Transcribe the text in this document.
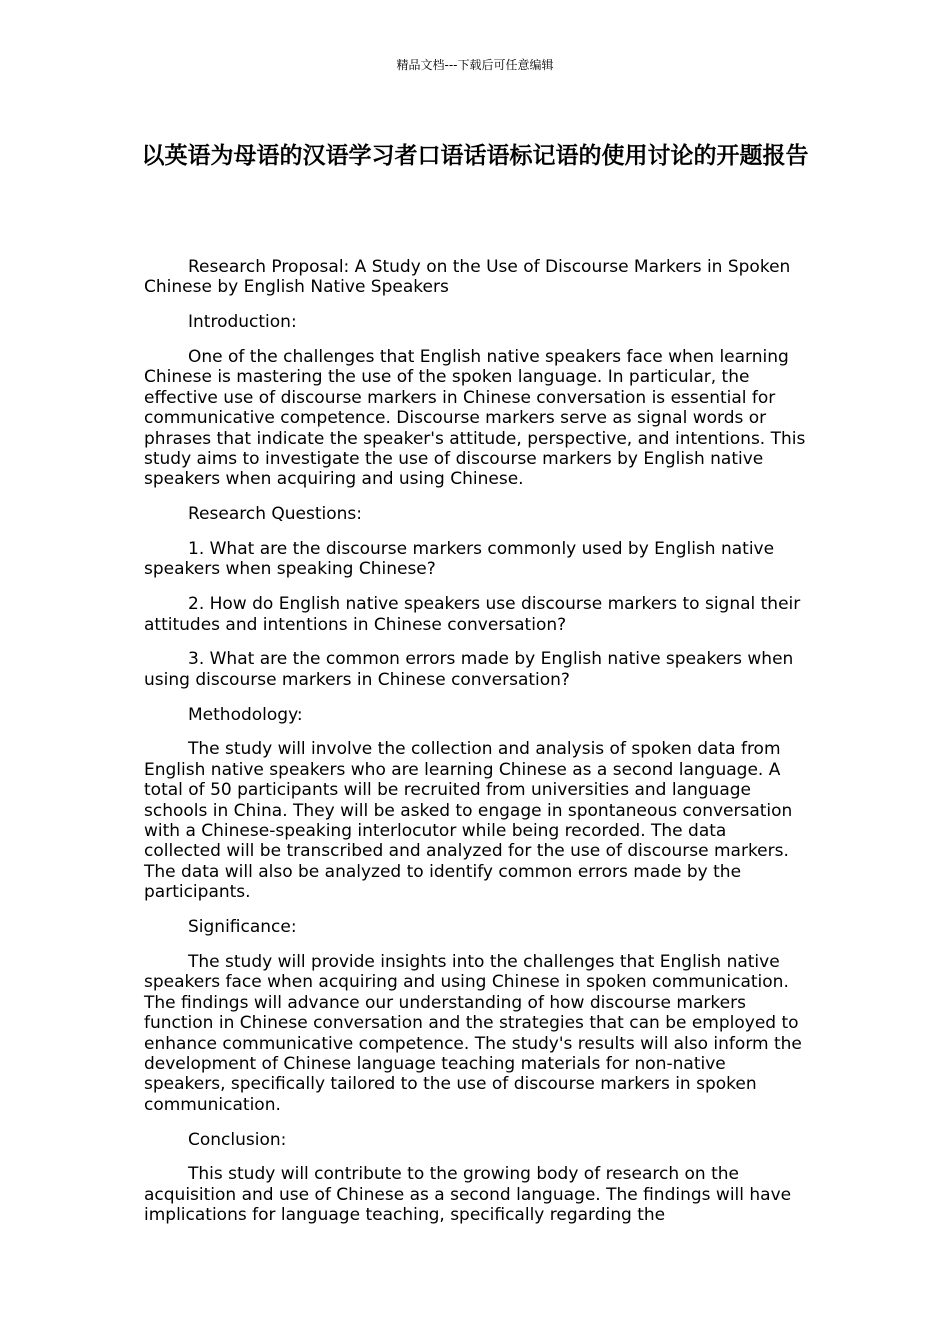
精品文档---下载后可任意编辑
以英语为母语的汉语学习者口语话语标记语的使用讨论的开题报告

Research Proposal: A Study on the Use of Discourse Markers in Spoken Chinese by English Native Speakers

Introduction:

One of the challenges that English native speakers face when learning Chinese is mastering the use of the spoken language. In particular, the effective use of discourse markers in Chinese conversation is essential for communicative competence. Discourse markers serve as signal words or phrases that indicate the speaker's attitude, perspective, and intentions. This study aims to investigate the use of discourse markers by English native speakers when acquiring and using Chinese.

Research Questions:

1. What are the discourse markers commonly used by English native speakers when speaking Chinese?

2. How do English native speakers use discourse markers to signal their attitudes and intentions in Chinese conversation?

3. What are the common errors made by English native speakers when using discourse markers in Chinese conversation?

Methodology:

The study will involve the collection and analysis of spoken data from English native speakers who are learning Chinese as a second language. A total of 50 participants will be recruited from universities and language schools in China. They will be asked to engage in spontaneous conversation with a Chinese-speaking interlocutor while being recorded. The data collected will be transcribed and analyzed for the use of discourse markers. The data will also be analyzed to identify common errors made by the participants.

Significance:

The study will provide insights into the challenges that English native speakers face when acquiring and using Chinese in spoken communication. The findings will advance our understanding of how discourse markers function in Chinese conversation and the strategies that can be employed to enhance communicative competence. The study's results will also inform the development of Chinese language teaching materials for non-native speakers, specifically tailored to the use of discourse markers in spoken communication.

Conclusion:

This study will contribute to the growing body of research on the acquisition and use of Chinese as a second language. The findings will have implications for language teaching, specifically regarding the
